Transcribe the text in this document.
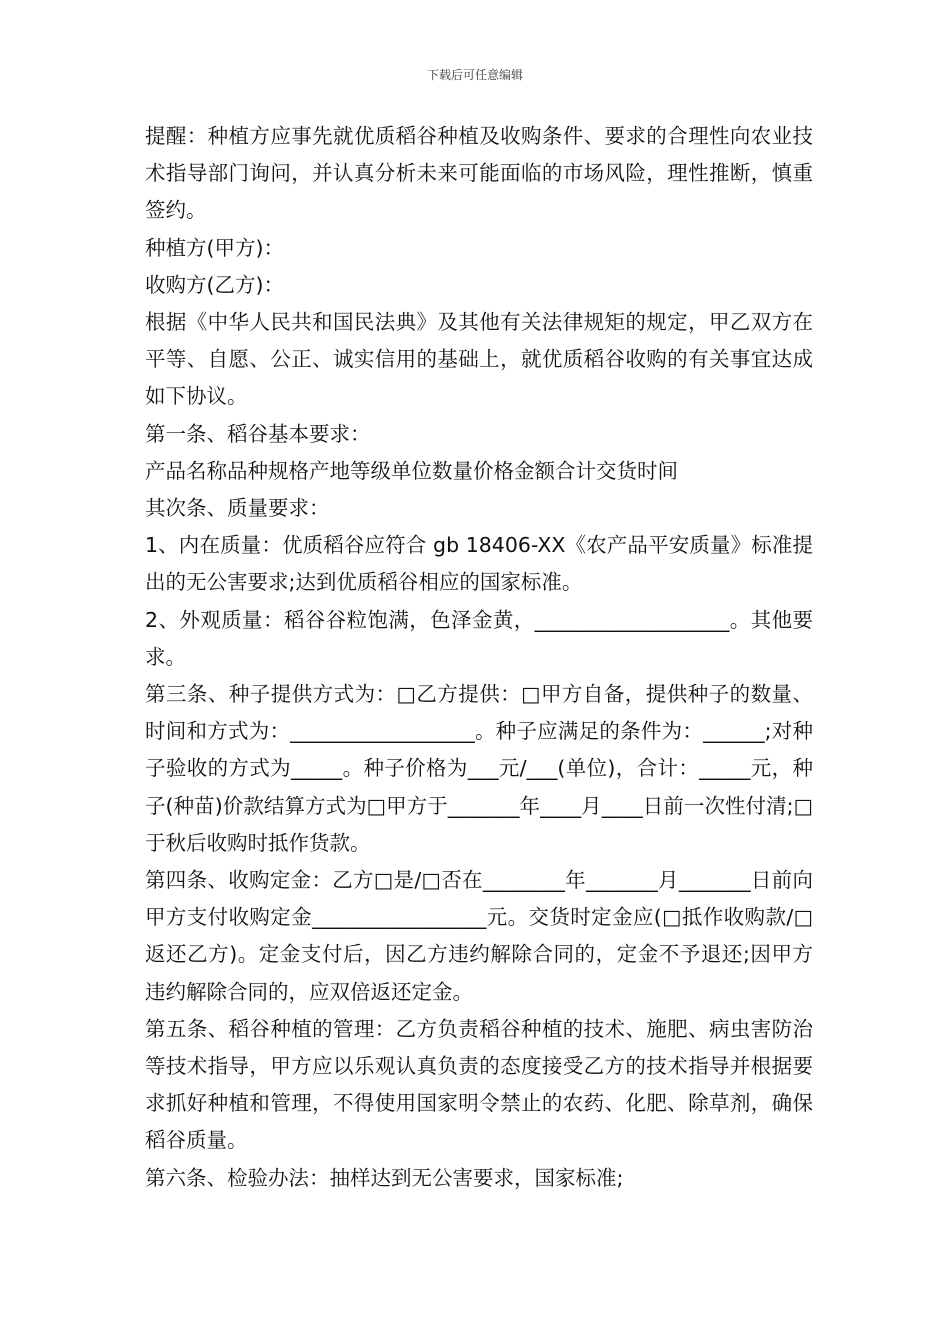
下载后可任意编辑

提醒：种植方应事先就优质稻谷种植及收购条件、要求的合理性向农业技术指导部门询问，并认真分析未来可能面临的市场风险，理性推断，慎重签约。

种植方(甲方)：

收购方(乙方)：

根据《中华人民共和国民法典》及其他有关法律规矩的规定，甲乙双方在平等、自愿、公正、诚实信用的基础上，就优质稻谷收购的有关事宜达成如下协议。

第一条、稻谷基本要求：

产品名称品种规格产地等级单位数量价格金额合计交货时间

其次条、质量要求：

1、内在质量：优质稻谷应符合 gb 18406-XX《农产品平安质量》标准提出的无公害要求;达到优质稻谷相应的国家标准。

2、外观质量：稻谷谷粒饱满，色泽金黄，___________________。其他要求。

第三条、种子提供方式为：□乙方提供：□甲方自备，提供种子的数量、时间和方式为：__________________。种子应满足的条件为：______;对种子验收的方式为_____。种子价格为___元/___(单位)，合计：_____元，种子(种苗)价款结算方式为□甲方于_______年____月____日前一次性付清;□于秋后收购时抵作货款。

第四条、收购定金：乙方□是/□否在________年_______月_______日前向甲方支付收购定金_________________元。交货时定金应(□抵作收购款/□返还乙方)。定金支付后，因乙方违约解除合同的，定金不予退还;因甲方违约解除合同的，应双倍返还定金。

第五条、稻谷种植的管理：乙方负责稻谷种植的技术、施肥、病虫害防治等技术指导，甲方应以乐观认真负责的态度接受乙方的技术指导并根据要求抓好种植和管理，不得使用国家明令禁止的农药、化肥、除草剂，确保稻谷质量。

第六条、检验办法：抽样达到无公害要求，国家标准;
